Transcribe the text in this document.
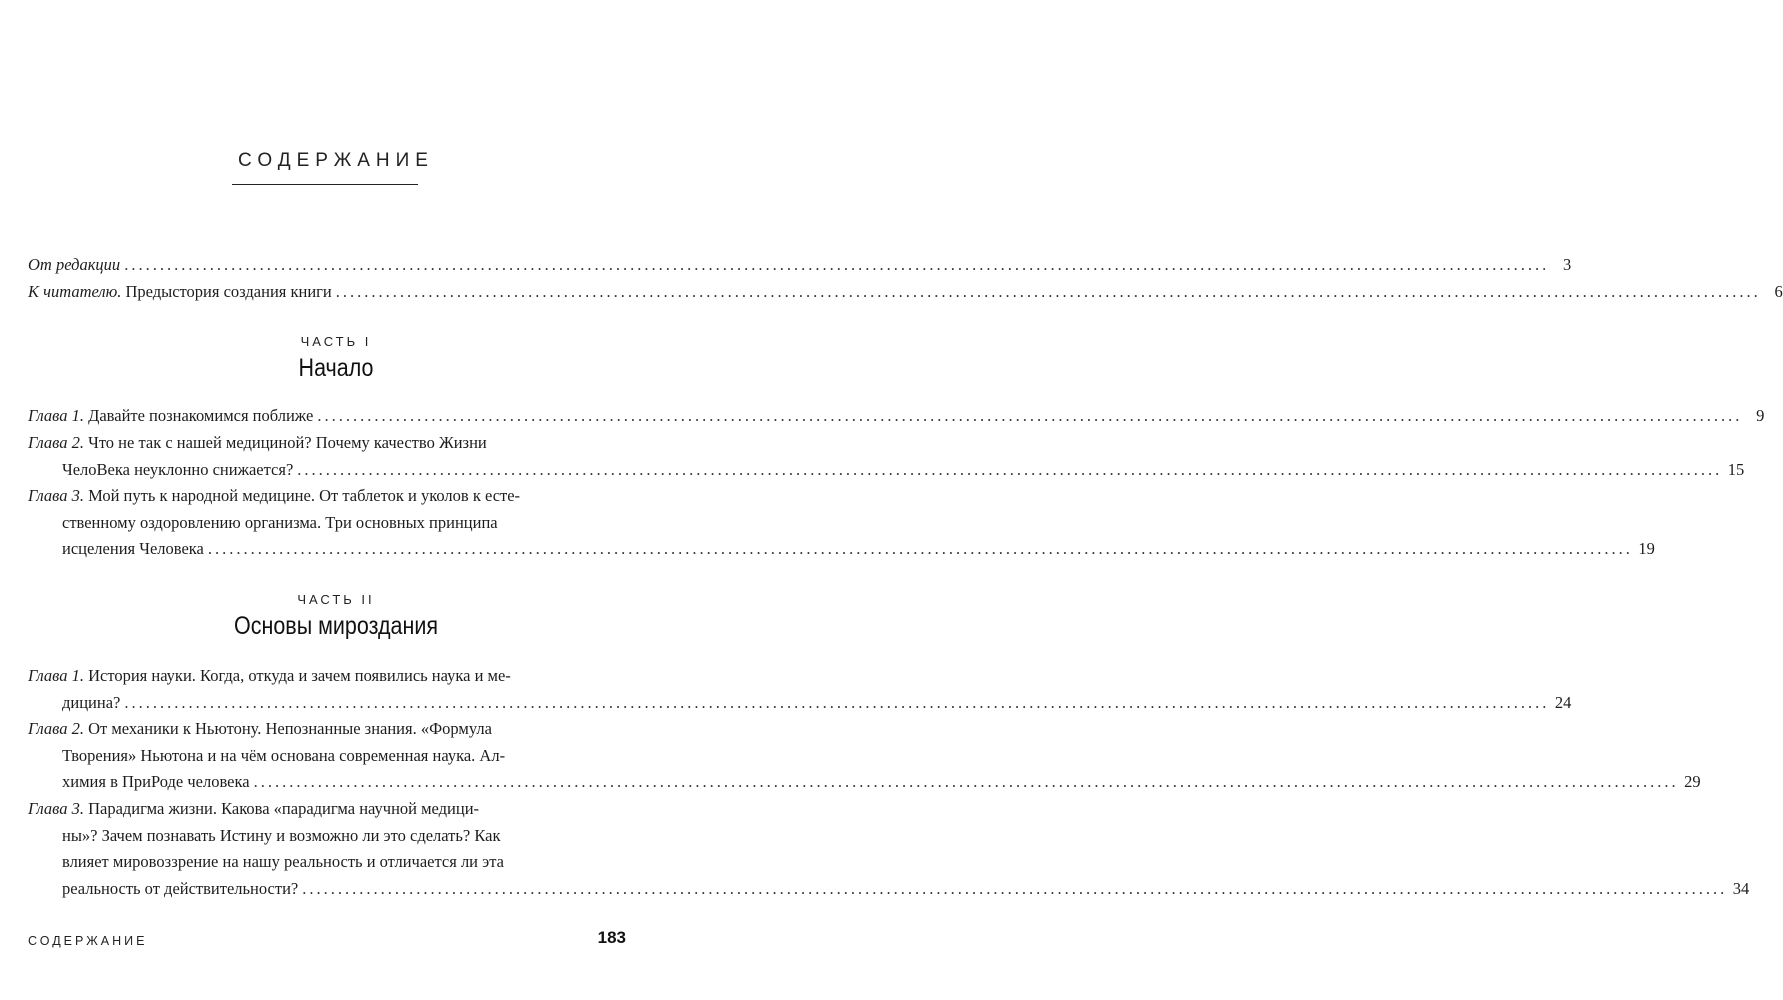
СОДЕРЖАНИЕ
От редакции ........................................................................................................................................................................................................ 3
К читателю. Предыстория создания книги ........................................................................................................................................................................................................ 6
ЧАСТЬ I
Начало
Глава 1. Давайте познакомимся поближе ........................................................................................................................................................................................................ 9
Глава 2. Что не так с нашей медициной? Почему качество Жизни
ЧелоВека неуклонно снижается? ........................................................................................................................................................................................................ 15
Глава 3. Мой путь к народной медицине. От таблеток и уколов к есте-
ственному оздоровлению организма. Три основных принципа
исцеления Человека ........................................................................................................................................................................................................ 19
ЧАСТЬ II
Основы мироздания
Глава 1. История науки. Когда, откуда и зачем появились наука и ме-
дицина? ........................................................................................................................................................................................................ 24
Глава 2. От механики к Ньютону. Непознанные знания. «Формула
Творения» Ньютона и на чём основана современная наука. Ал-
химия в ПриРоде человека ........................................................................................................................................................................................................ 29
Глава 3. Парадигма жизни. Какова «парадигма научной медици-
ны»? Зачем познавать Истину и возможно ли это сделать? Как
влияет мировоззрение на нашу реальность и отличается ли эта
реальность от действительности? ........................................................................................................................................................................................................ 34
СОДЕРЖАНИЕ	183
